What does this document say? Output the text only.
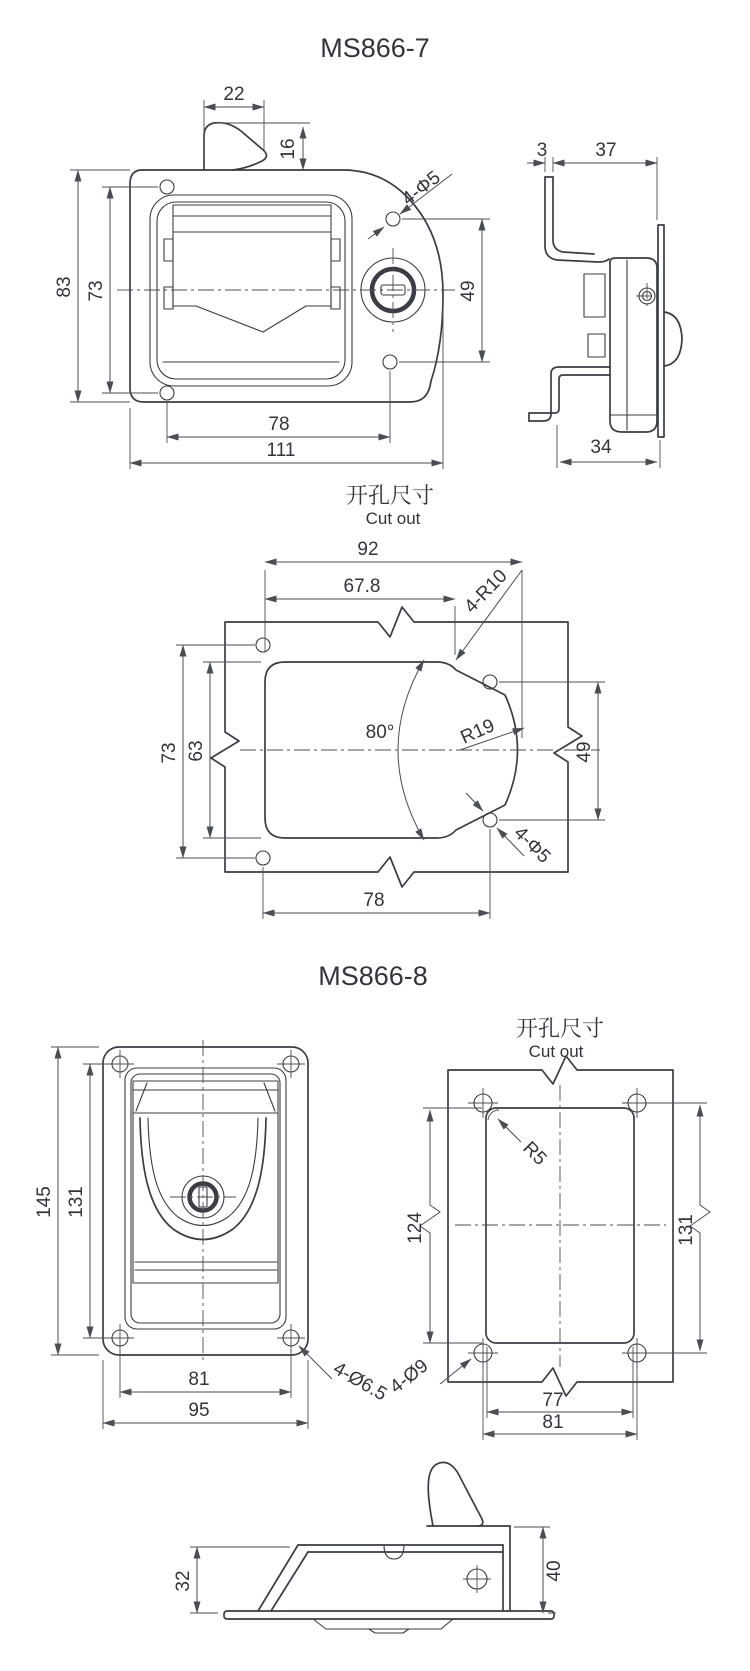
MS866-7
22
16
83 73
78
111
49
4-Φ5
3	37
34
开孔尺寸
Cut out
80°	R19
4-R10
92
67.8
73 63	49
4-Φ5
78
MS866-8
145 131
81
95
4-Ø6.5
开孔尺寸
Cut out
R5
124	131
4-Ø9
77
81
32	40
